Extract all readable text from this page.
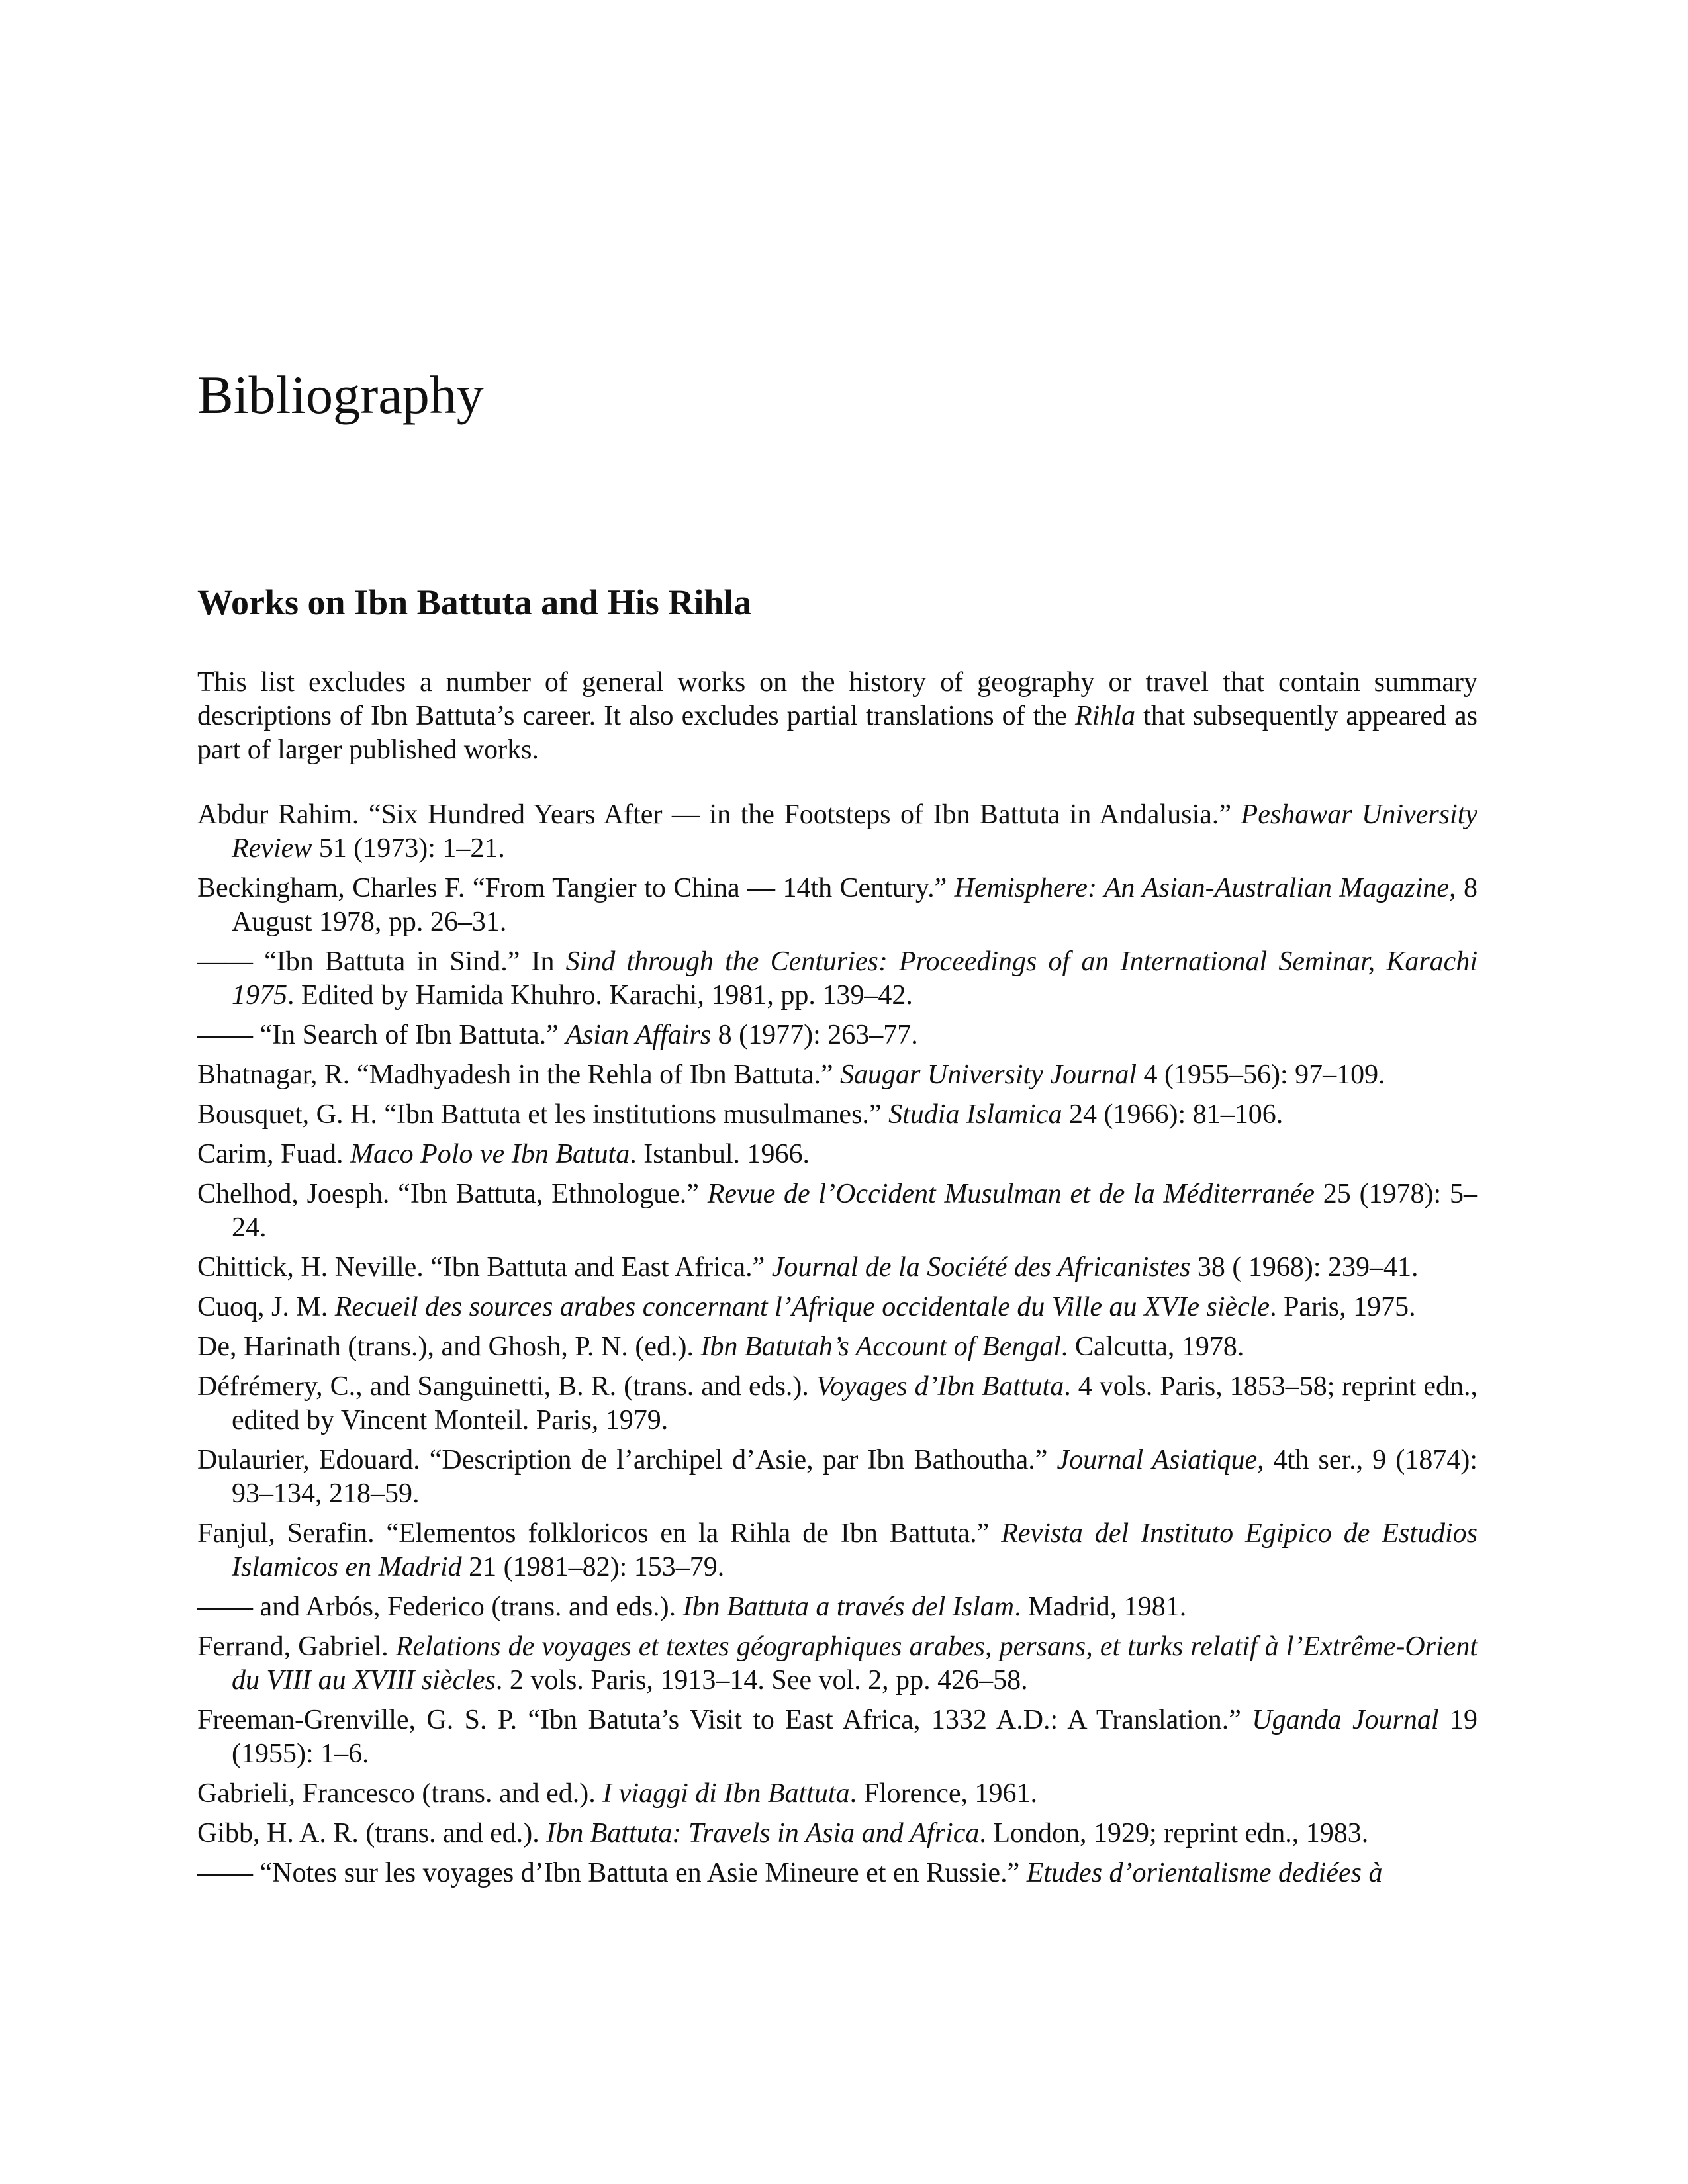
Bibliography
Works on Ibn Battuta and His Rihla

This list excludes a number of general works on the history of geography or travel that contain summary descriptions of Ibn Battuta’s career. It also excludes partial translations of the Rihla that subsequently appeared as part of larger published works.

Abdur Rahim. “Six Hundred Years After — in the Footsteps of Ibn Battuta in Andalusia.” Peshawar University Review 51 (1973): 1–21.
Beckingham, Charles F. “From Tangier to China — 14th Century.” Hemisphere: An Asian-Australian Magazine, 8 August 1978, pp. 26–31.
—— “Ibn Battuta in Sind.” In Sind through the Centuries: Proceedings of an International Seminar, Karachi 1975. Edited by Hamida Khuhro. Karachi, 1981, pp. 139–42.
—— “In Search of Ibn Battuta.” Asian Affairs 8 (1977): 263–77.
Bhatnagar, R. “Madhyadesh in the Rehla of Ibn Battuta.” Saugar University Journal 4 (1955–56): 97–109.
Bousquet, G. H. “Ibn Battuta et les institutions musulmanes.” Studia Islamica 24 (1966): 81–106.
Carim, Fuad. Maco Polo ve Ibn Batuta. Istanbul. 1966.
Chelhod, Joesph. “Ibn Battuta, Ethnologue.” Revue de l’Occident Musulman et de la Méditerranée 25 (1978): 5–24.
Chittick, H. Neville. “Ibn Battuta and East Africa.” Journal de la Société des Africanistes 38 ( 1968): 239–41.
Cuoq, J. M. Recueil des sources arabes concernant l’Afrique occidentale du Ville au XVIe siècle. Paris, 1975.
De, Harinath (trans.), and Ghosh, P. N. (ed.). Ibn Batutah’s Account of Bengal. Calcutta, 1978.
Défrémery, C., and Sanguinetti, B. R. (trans. and eds.). Voyages d’Ibn Battuta. 4 vols. Paris, 1853–58; reprint edn., edited by Vincent Monteil. Paris, 1979.
Dulaurier, Edouard. “Description de l’archipel d’Asie, par Ibn Bathoutha.” Journal Asiatique, 4th ser., 9 (1874): 93–134, 218–59.
Fanjul, Serafin. “Elementos folkloricos en la Rihla de Ibn Battuta.” Revista del Instituto Egipico de Estudios Islamicos en Madrid 21 (1981–82): 153–79.
—— and Arbós, Federico (trans. and eds.). Ibn Battuta a través del Islam. Madrid, 1981.
Ferrand, Gabriel. Relations de voyages et textes géographiques arabes, persans, et turks relatif à l’Extrême-Orient du VIII au XVIII siècles. 2 vols. Paris, 1913–14. See vol. 2, pp. 426–58.
Freeman-Grenville, G. S. P. “Ibn Batuta’s Visit to East Africa, 1332 A.D.: A Translation.” Uganda Journal 19 (1955): 1–6.
Gabrieli, Francesco (trans. and ed.). I viaggi di Ibn Battuta. Florence, 1961.
Gibb, H. A. R. (trans. and ed.). Ibn Battuta: Travels in Asia and Africa. London, 1929; reprint edn., 1983.
—— “Notes sur les voyages d’Ibn Battuta en Asie Mineure et en Russie.” Etudes d’orientalisme dediées à
